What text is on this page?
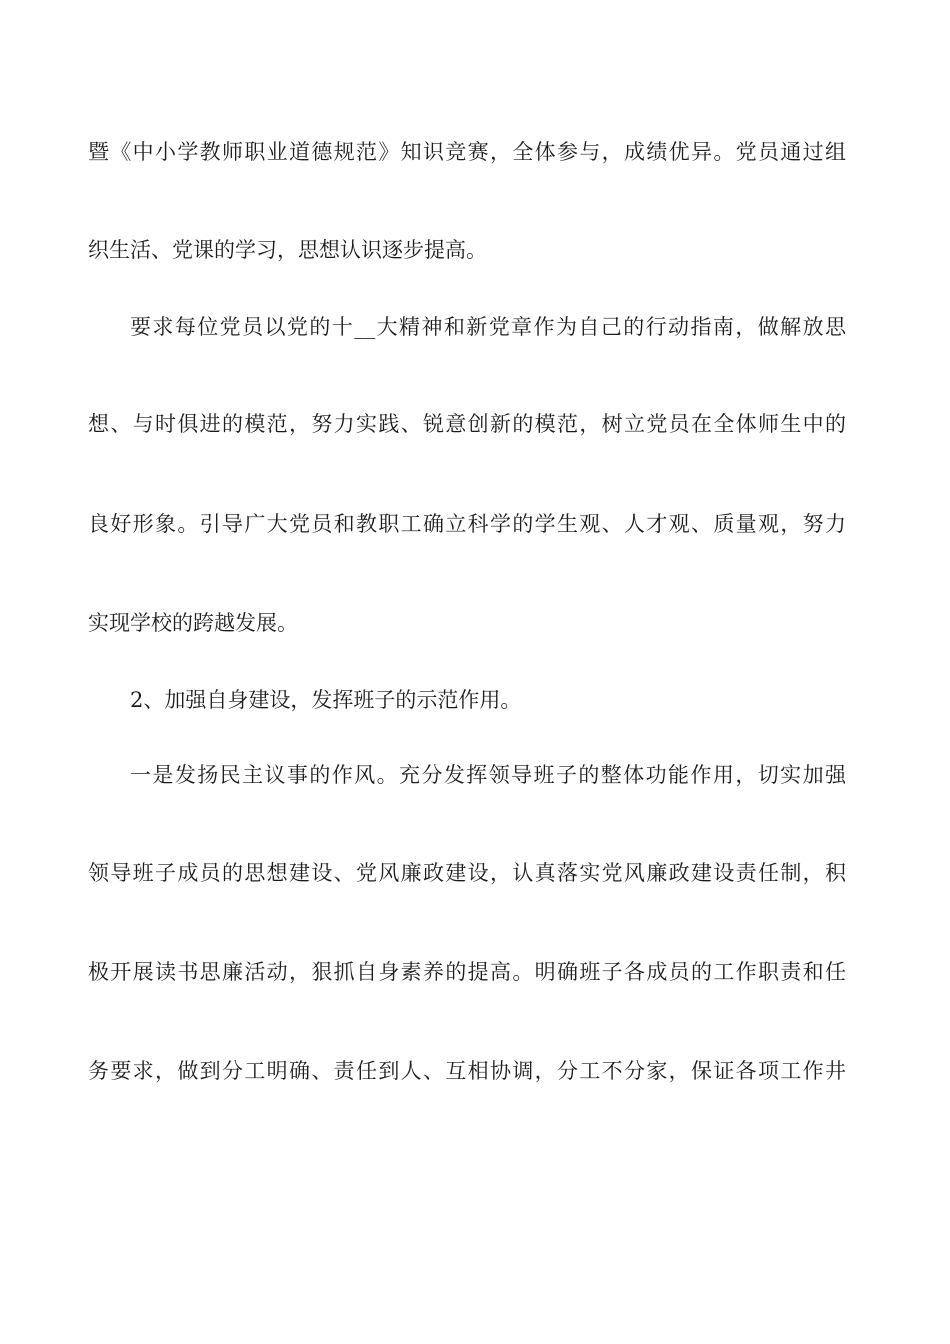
暨《中小学教师职业道德规范》知识竞赛，全体参与，成绩优异。党员通过组
织生活、党课的学习，思想认识逐步提高。
要求每位党员以党的十__大精神和新党章作为自己的行动指南，做解放思
想、与时俱进的模范，努力实践、锐意创新的模范，树立党员在全体师生中的
良好形象。引导广大党员和教职工确立科学的学生观、人才观、质量观，努力
实现学校的跨越发展。
2、加强自身建设，发挥班子的示范作用。
一是发扬民主议事的作风。充分发挥领导班子的整体功能作用，切实加强
领导班子成员的思想建设、党风廉政建设，认真落实党风廉政建设责任制，积
极开展读书思廉活动，狠抓自身素养的提高。明确班子各成员的工作职责和任
务要求，做到分工明确、责任到人、互相协调，分工不分家，保证各项工作井
